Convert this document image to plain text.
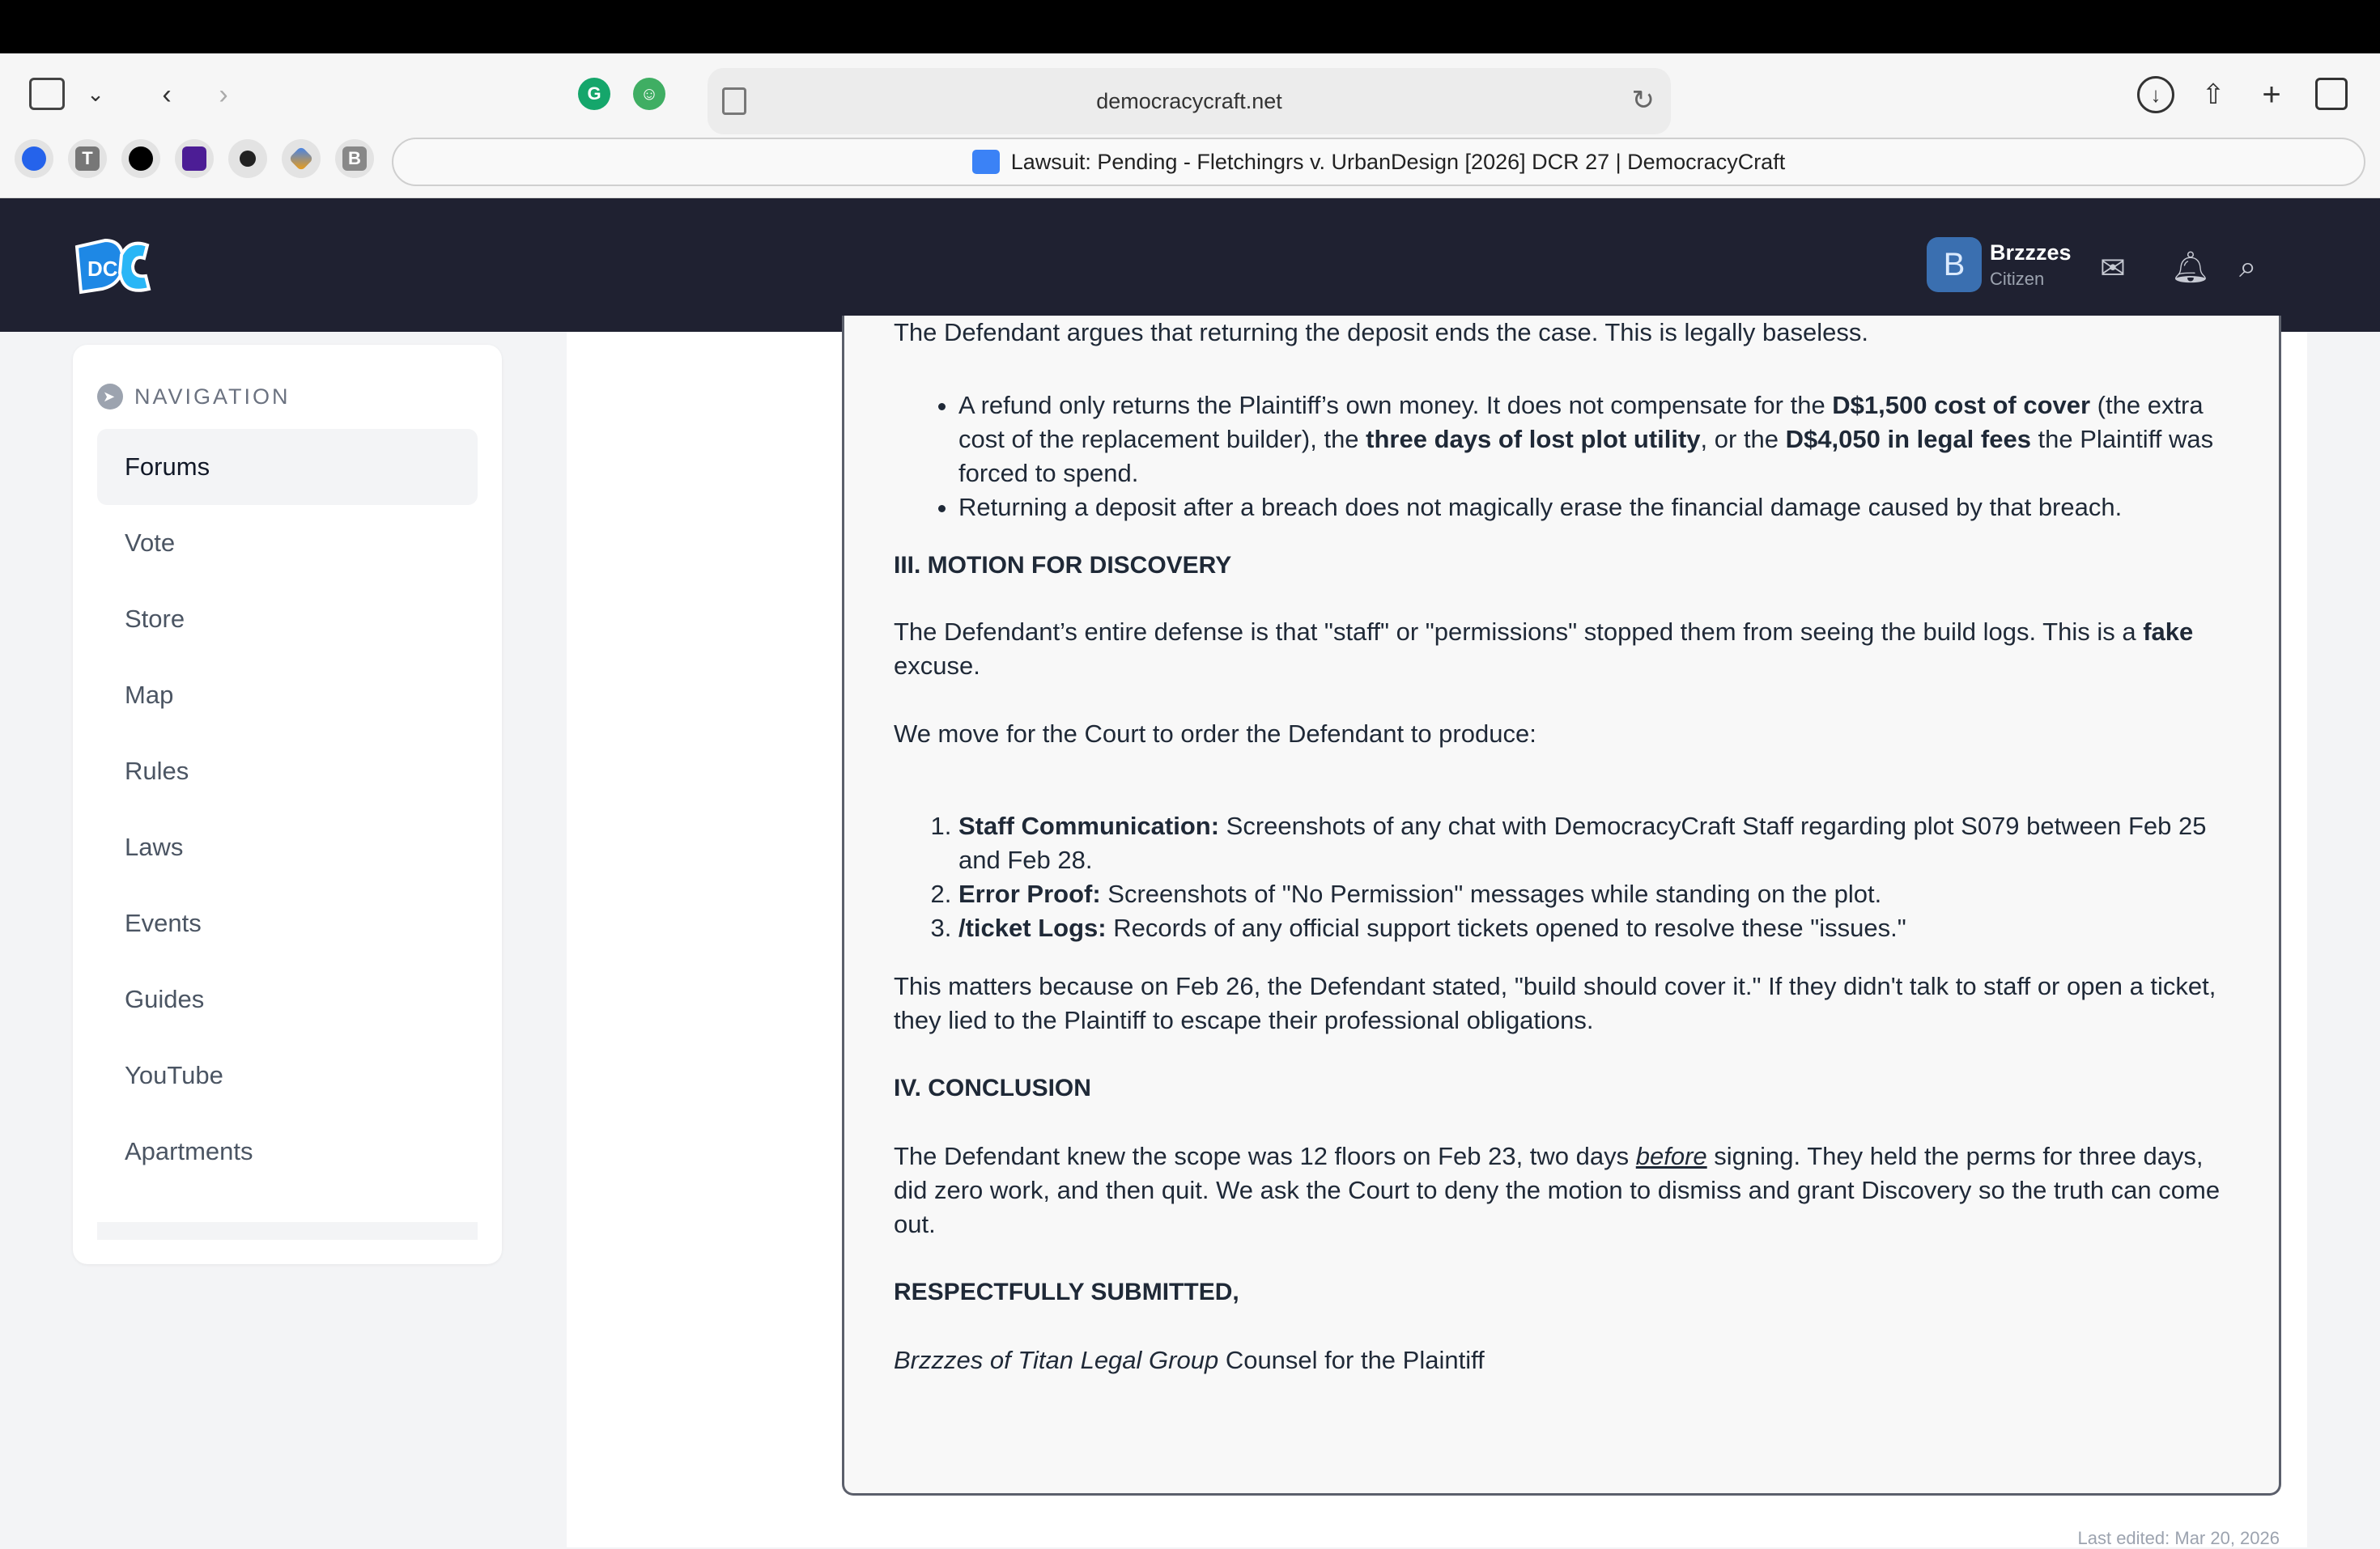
⌄	‹	›	G	☺	democracycraft.net	↻	↓	⇧ +
T	B	Lawsuit: Pending - Fletchingrs v. UrbanDesign [2026] DCR 27 | DemocracyCraft
DC	B	Brzzzes
Citizen	✉ 🔔︎ ⌕
➤ NAVIGATION
Forums
Vote
Store
Map
Rules
Laws
Events
Guides
YouTube
Apartments

The Defendant argues that returning the deposit ends the case. This is legally baseless.

• A refund only returns the Plaintiff’s own money. It does not compensate for the D$1,500 cost of cover (the extra cost of the replacement builder), the three days of lost plot utility, or the D$4,050 in legal fees the Plaintiff was forced to spend.
• Returning a deposit after a breach does not magically erase the financial damage caused by that breach.

III. MOTION FOR DISCOVERY

The Defendant’s entire defense is that "staff" or "permissions" stopped them from seeing the build logs. This is a fake excuse.

We move for the Court to order the Defendant to produce:

1. Staff Communication: Screenshots of any chat with DemocracyCraft Staff regarding plot S079 between Feb 25 and Feb 28.
2. Error Proof: Screenshots of "No Permission" messages while standing on the plot.
3. /ticket Logs: Records of any official support tickets opened to resolve these "issues."

This matters because on Feb 26, the Defendant stated, "build should cover it." If they didn't talk to staff or open a ticket, they lied to the Plaintiff to escape their professional obligations.

IV. CONCLUSION

The Defendant knew the scope was 12 floors on Feb 23, two days before signing. They held the perms for three days, did zero work, and then quit. We ask the Court to deny the motion to dismiss and grant Discovery so the truth can come out.

RESPECTFULLY SUBMITTED,

Brzzzes of Titan Legal Group Counsel for the Plaintiff

Last edited: Mar 20, 2026
